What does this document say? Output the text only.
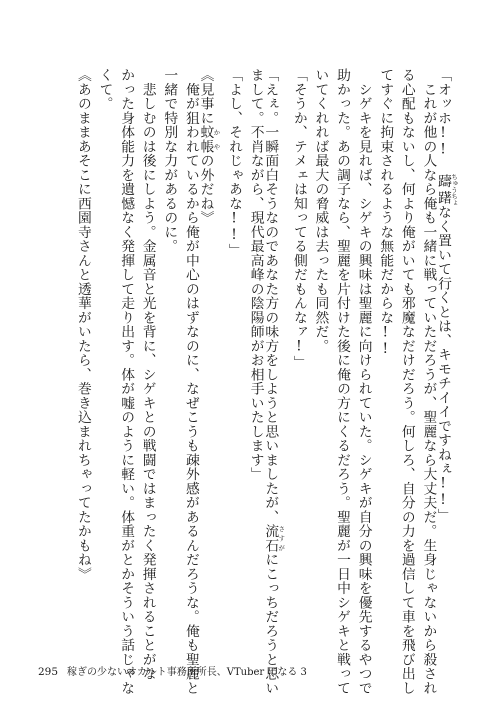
「オッホ!! 躊躇 ちゅうちょなく置いて行くとは、キモチイイですねぇ!!」
　これが他の人なら俺も一緒に戦っていただろうが、聖麗なら大丈夫だ。生身じゃないから殺され
る心配もないし、何より俺がいても邪魔なだけだろう。何しろ、自分の力を過信して車を飛び出し
てすぐに拘束されるような無能だからな!!
　シゲキを見れば、シゲキの興味は聖麗に向けられていた。シゲキが自分の興味を優先するやつで
助かった。あの調子なら、聖麗を片付けた後に俺の方にくるだろう。聖麗が一日中シゲキと戦って
いてくれれば最大の脅威は去ったも同然だ。
「そうか、テメェは知ってる側だもんなァ!」
「えぇ。一瞬面白そうなのであなた方の味方をしようと思いましたが、流石 さすがにこっちだろうと思い
まして。不肖ながら、現代最高峰の陰陽師がお相手いたします」
「よし、それじゃあな!!」
《見事に蚊帳 かやの外だね》
　俺が狙われているから俺が中心のはずなのに、なぜこうも疎外感があるんだろうな。俺も聖麗と
一緒で特別な力があるのに。
　悲しむのは後にしよう。金属音と光を背に、シゲキとの戦闘ではまったく発揮されることがな
かった身体能力を遺憾なく発揮して走り出す。体が嘘のように軽い。体重がとかそういう話じゃな
くて。
《あのままあそこに西園寺さんと透華がいたら、巻き込まれちゃってたかもね》
295 稼ぎの少ないオカルト事務所所長、VTuber になる 3
